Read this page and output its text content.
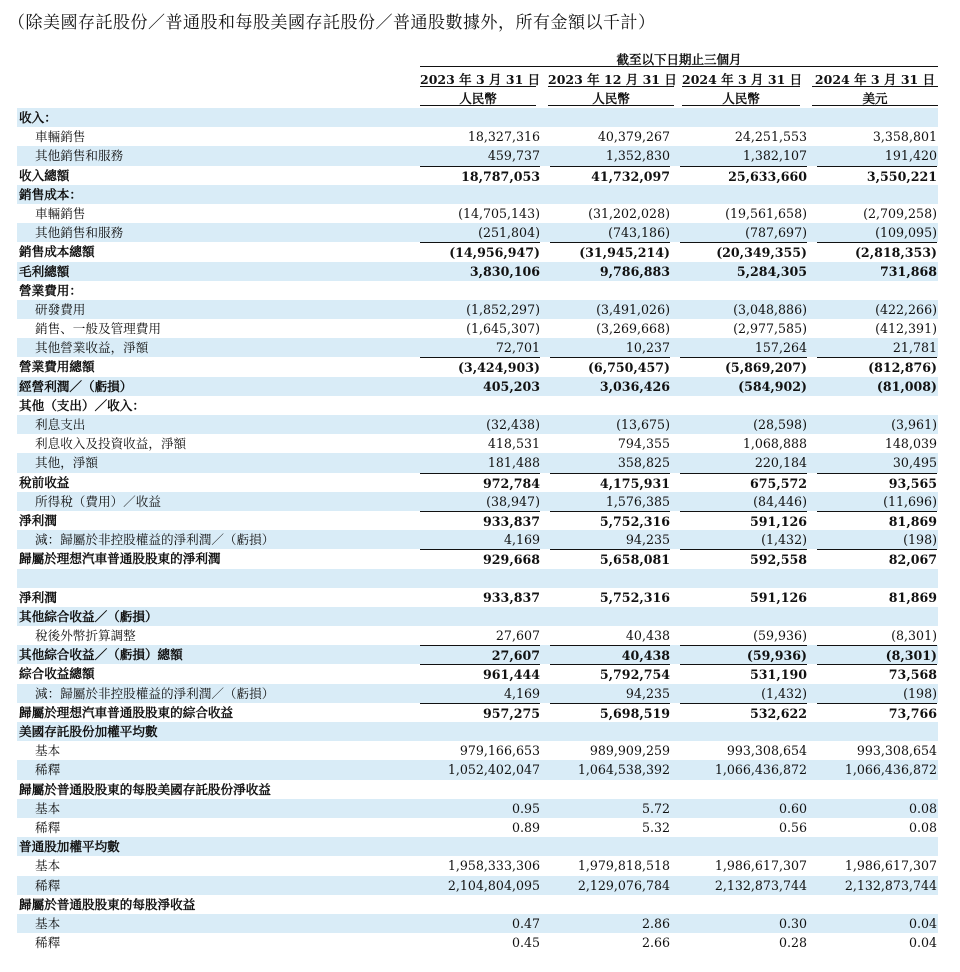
（除美國存託股份／普通股和每股美國存託股份／普通股數據外，所有金額以千計）
截至以下日期止三個月
2023 年 3 月 31 日 2023 年 12 月 31 日 2024 年 3 月 31 日 2024 年 3 月 31 日
人民幣	人民幣	人民幣	美元
收入：
車輛銷售	18,327,316	40,379,267	24,251,553	3,358,801
其他銷售和服務	459,737	1,352,830	1,382,107	191,420
收入總額	18,787,053	41,732,097	25,633,660	3,550,221
銷售成本：
車輛銷售	(14,705,143)	(31,202,028)	(19,561,658)	(2,709,258)
其他銷售和服務	(251,804)	(743,186)	(787,697)	(109,095)
銷售成本總額	(14,956,947)	(31,945,214)	(20,349,355)	(2,818,353)
毛利總額	3,830,106	9,786,883	5,284,305	731,868
營業費用：
研發費用	(1,852,297)	(3,491,026)	(3,048,886)	(422,266)
銷售、一般及管理費用	(1,645,307)	(3,269,668)	(2,977,585)	(412,391)
其他營業收益，淨額	72,701	10,237	157,264	21,781
營業費用總額	(3,424,903)	(6,750,457)	(5,869,207)	(812,876)
經營利潤／（虧損）	405,203	3,036,426	(584,902)	(81,008)
其他（支出）／收入：
利息支出	(32,438)	(13,675)	(28,598)	(3,961)
利息收入及投資收益，淨額	418,531	794,355	1,068,888	148,039
其他，淨額	181,488	358,825	220,184	30,495
稅前收益	972,784	4,175,931	675,572	93,565
所得稅（費用）／收益	(38,947)	1,576,385	(84,446)	(11,696)
淨利潤	933,837	5,752,316	591,126	81,869
減：歸屬於非控股權益的淨利潤／（虧損）	4,169	94,235	(1,432)	(198)
歸屬於理想汽車普通股股東的淨利潤	929,668	5,658,081	592,558	82,067
淨利潤	933,837	5,752,316	591,126	81,869
其他綜合收益／（虧損）
稅後外幣折算調整	27,607	40,438	(59,936)	(8,301)
其他綜合收益／（虧損）總額	27,607	40,438	(59,936)	(8,301)
綜合收益總額	961,444	5,792,754	531,190	73,568
減：歸屬於非控股權益的淨利潤／（虧損）	4,169	94,235	(1,432)	(198)
歸屬於理想汽車普通股股東的綜合收益	957,275	5,698,519	532,622	73,766
美國存託股份加權平均數
基本	979,166,653	989,909,259	993,308,654	993,308,654
稀釋	1,052,402,047	1,064,538,392	1,066,436,872	1,066,436,872
歸屬於普通股股東的每股美國存託股份淨收益
基本	0.95	5.72	0.60	0.08
稀釋	0.89	5.32	0.56	0.08
普通股加權平均數
基本	1,958,333,306	1,979,818,518	1,986,617,307	1,986,617,307
稀釋	2,104,804,095	2,129,076,784	2,132,873,744	2,132,873,744
歸屬於普通股股東的每股淨收益
基本	0.47	2.86	0.30	0.04
稀釋	0.45	2.66	0.28	0.04
